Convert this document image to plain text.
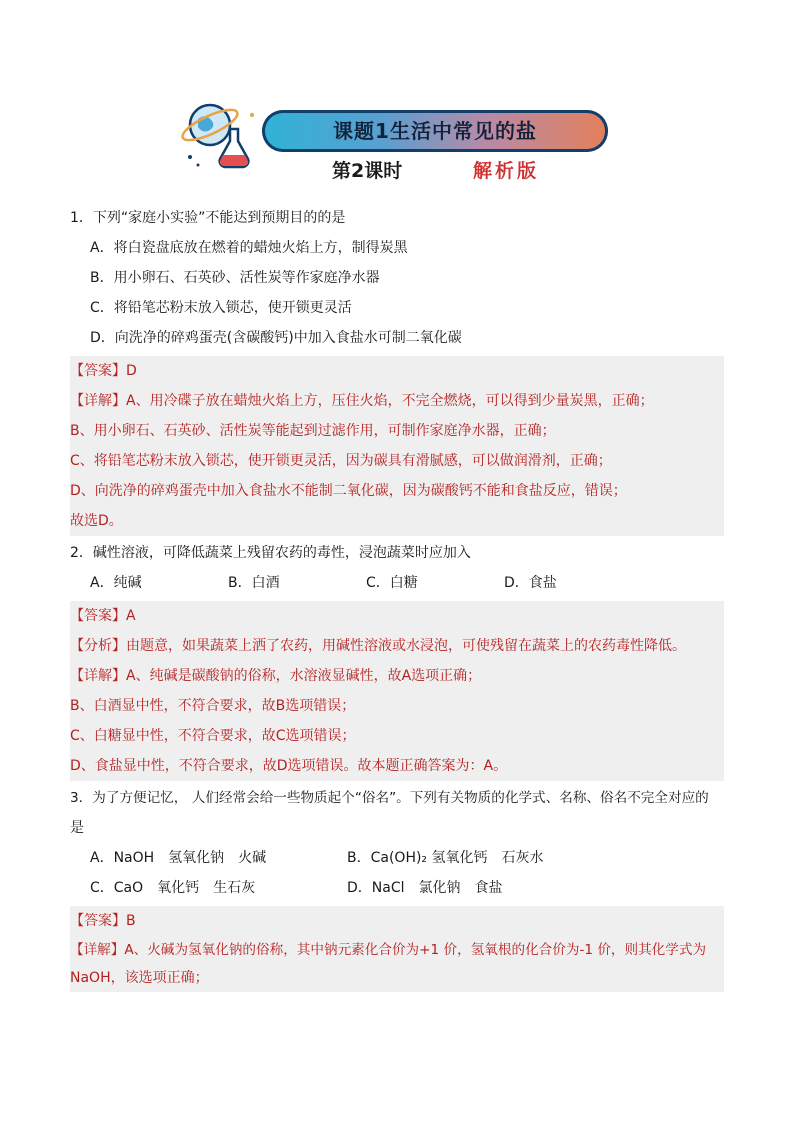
课题1生活中常见的盐
第2课时	解析版

1．下列“家庭小实验”不能达到预期目的的是

A．将白瓷盘底放在燃着的蜡烛火焰上方，制得炭黑

B．用小卵石、石英砂、活性炭等作家庭净水器

C．将铅笔芯粉末放入锁芯，使开锁更灵活

D．向洗净的碎鸡蛋壳(含碳酸钙)中加入食盐水可制二氧化碳

【答案】D

【详解】A、用冷碟子放在蜡烛火焰上方，压住火焰，不完全燃烧，可以得到少量炭黑，正确；

B、用小卵石、石英砂、活性炭等能起到过滤作用，可制作家庭净水器，正确；

C、将铅笔芯粉末放入锁芯，使开锁更灵活，因为碳具有滑腻感，可以做润滑剂，正确；

D、向洗净的碎鸡蛋壳中加入食盐水不能制二氧化碳，因为碳酸钙不能和食盐反应，错误；

故选D。

2．碱性溶液，可降低蔬菜上残留农药的毒性，浸泡蔬菜时应加入

A．纯碱	B．白酒	C．白糖	D．食盐

【答案】A

【分析】由题意，如果蔬菜上洒了农药，用碱性溶液或水浸泡，可使残留在蔬菜上的农药毒性降低。

【详解】A、纯碱是碳酸钠的俗称，水溶液显碱性，故A选项正确；

B、白酒显中性，不符合要求，故B选项错误；

C、白糖显中性，不符合要求，故C选项错误；

D、食盐显中性，不符合要求，故D选项错误。故本题正确答案为：A。

3．为了方便记忆， 人们经常会给一些物质起个“俗名”。下列有关物质的化学式、名称、俗名不完全对应的

是

A．NaOH　氢氧化钠　火碱	B．Ca(OH)₂ 氢氧化钙　石灰水
C．CaO　氧化钙　生石灰	D．NaCl　氯化钠　食盐

【答案】B

【详解】A、火碱为氢氧化钠的俗称，其中钠元素化合价为+1 价，氢氧根的化合价为-1 价，则其化学式为

NaOH，该选项正确；
